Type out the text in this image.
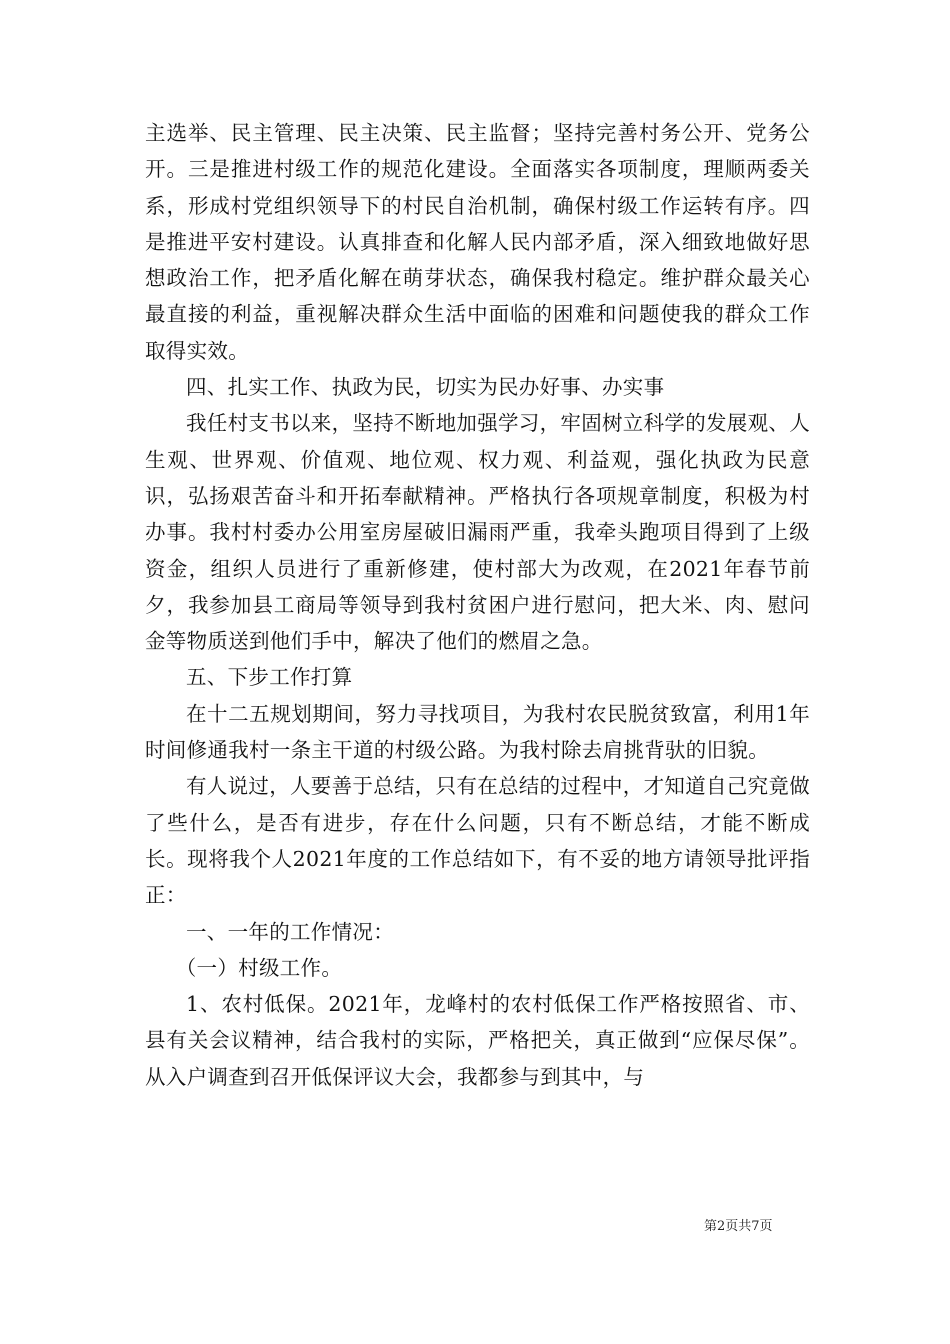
主选举、民主管理、民主决策、民主监督；坚持完善村务公开、党务公开。三是推进村级工作的规范化建设。全面落实各项制度，理顺两委关系，形成村党组织领导下的村民自治机制，确保村级工作运转有序。四是推进平安村建设。认真排查和化解人民内部矛盾，深入细致地做好思想政治工作，把矛盾化解在萌芽状态，确保我村稳定。维护群众最关心最直接的利益，重视解决群众生活中面临的困难和问题使我的群众工作取得实效。

四、扎实工作、执政为民，切实为民办好事、办实事

我任村支书以来，坚持不断地加强学习，牢固树立科学的发展观、人生观、世界观、价值观、地位观、权力观、利益观，强化执政为民意识，弘扬艰苦奋斗和开拓奉献精神。严格执行各项规章制度，积极为村办事。我村村委办公用室房屋破旧漏雨严重，我牵头跑项目得到了上级资金，组织人员进行了重新修建，使村部大为改观，在2021年春节前夕，我参加县工商局等领导到我村贫困户进行慰问，把大米、肉、慰问金等物质送到他们手中，解决了他们的燃眉之急。

五、下步工作打算

在十二五规划期间，努力寻找项目，为我村农民脱贫致富，利用1年时间修通我村一条主干道的村级公路。为我村除去肩挑背驮的旧貌。

有人说过，人要善于总结，只有在总结的过程中，才知道自己究竟做了些什么，是否有进步，存在什么问题，只有不断总结，才能不断成长。现将我个人2021年度的工作总结如下，有不妥的地方请领导批评指正：

一、一年的工作情况：

（一）村级工作。

1、农村低保。2021年，龙峰村的农村低保工作严格按照省、市、县有关会议精神，结合我村的实际，严格把关，真正做到“应保尽保”。从入户调查到召开低保评议大会，我都参与到其中，与

第2页共7页
